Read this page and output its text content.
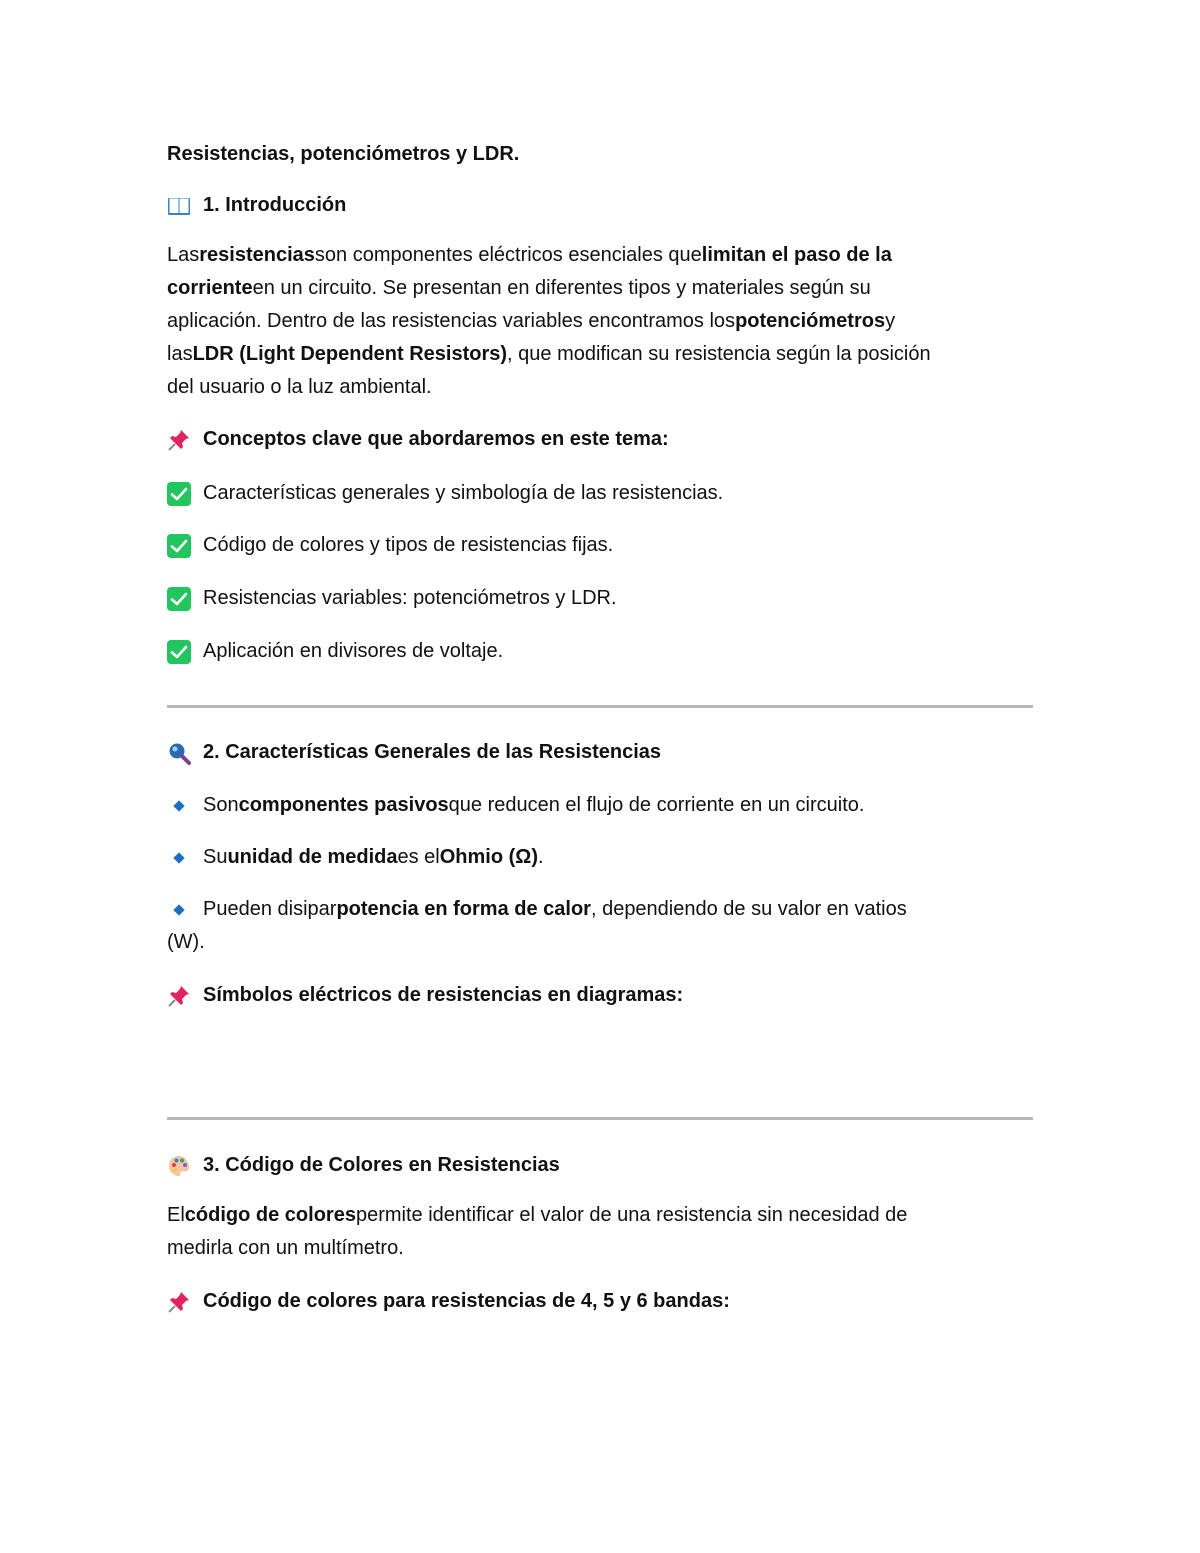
Resistencias, potenciómetros y LDR.
1. Introducción
Las resistencias son componentes eléctricos esenciales que limitan el paso de la
corriente en un circuito. Se presentan en diferentes tipos y materiales según su
aplicación. Dentro de las resistencias variables encontramos los potenciómetros y
las LDR (Light Dependent Resistors) , que modifican su resistencia según la posición
del usuario o la luz ambiental.
Conceptos clave que abordaremos en este tema:
Características generales y simbología de las resistencias.
Código de colores y tipos de resistencias fijas.
Resistencias variables: potenciómetros y LDR.
Aplicación en divisores de voltaje.
2. Características Generales de las Resistencias
Son componentes pasivos que reducen el flujo de corriente en un circuito.
Su unidad de medida es el Ohmio (Ω) .
Pueden disipar potencia en forma de calor , dependiendo de su valor en vatios
(W).
Símbolos eléctricos de resistencias en diagramas:
3. Código de Colores en Resistencias
El código de colores permite identificar el valor de una resistencia sin necesidad de
medirla con un multímetro.
Código de colores para resistencias de 4, 5 y 6 bandas:
